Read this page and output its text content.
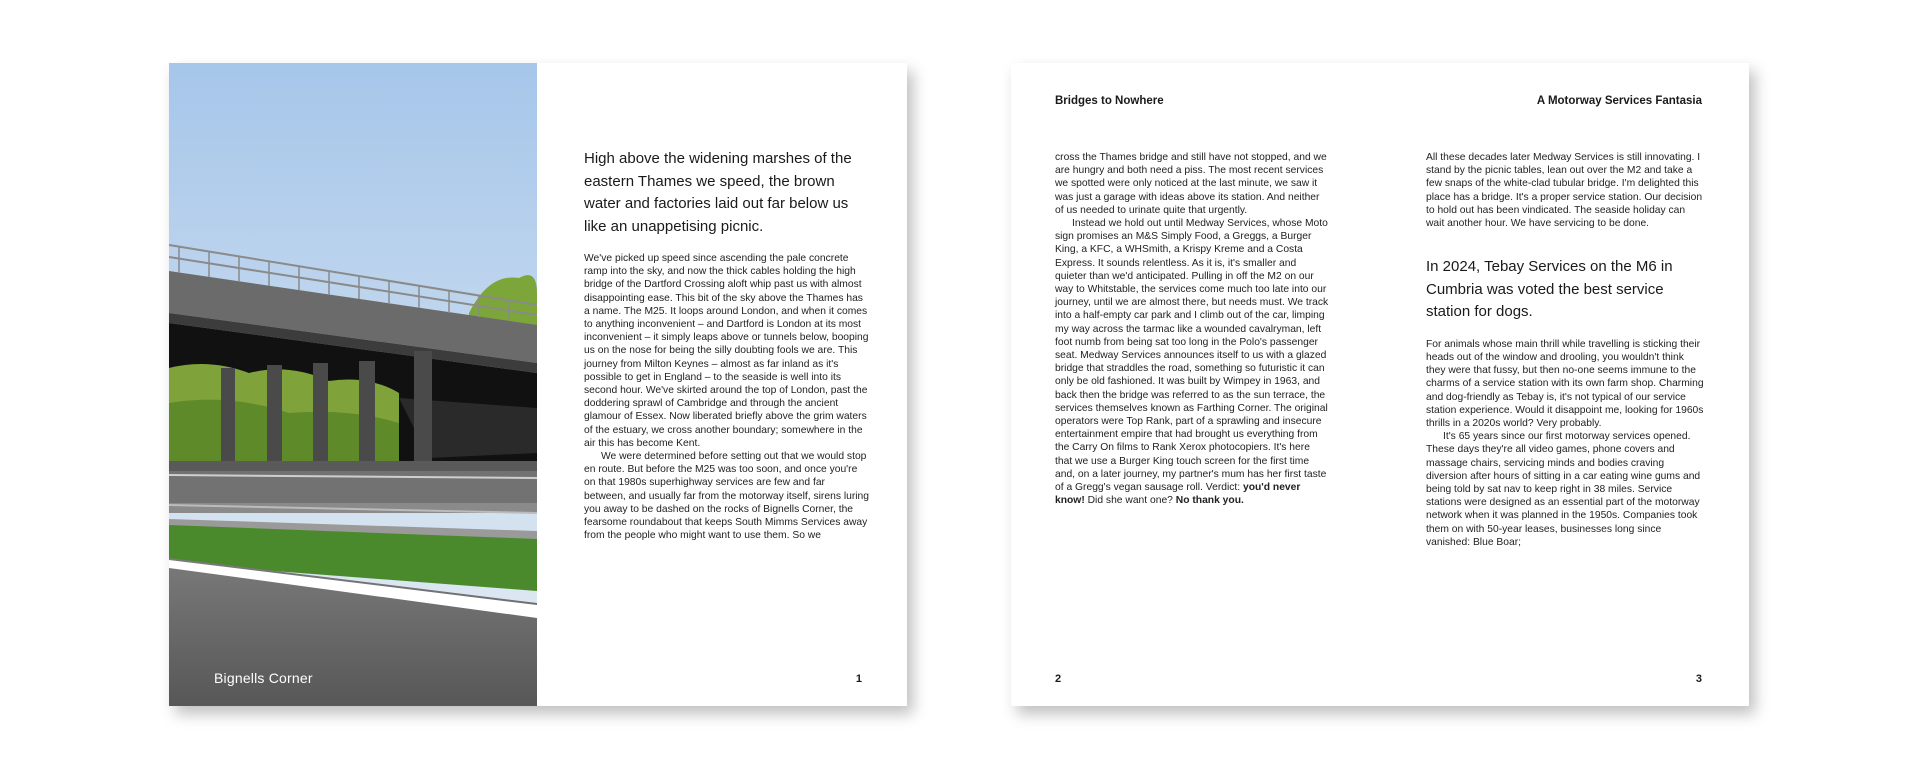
Bignells Corner
High above the widening marshes of the eastern Thames we speed, the brown water and factories laid out far below us like an unappetising picnic.

We've picked up speed since ascending the pale concrete ramp into the sky, and now the thick cables holding the high bridge of the Dartford Crossing aloft whip past us with almost disappointing ease. This bit of the sky above the Thames has a name. The M25. It loops around London, and when it comes to anything inconvenient – and Dartford is London at its most inconvenient – it simply leaps above or tunnels below, booping us on the nose for being the silly doubting fools we are. This journey from Milton Keynes – almost as far inland as it's possible to get in England – to the seaside is well into its second hour. We've skirted around the top of London, past the doddering sprawl of Cambridge and through the ancient glamour of Essex. Now liberated briefly above the grim waters of the estuary, we cross another boundary; somewhere in the air this has become Kent.

We were determined before setting out that we would stop en route. But before the M25 was too soon, and once you're on that 1980s superhighway services are few and far between, and usually far from the motorway itself, sirens luring you away to be dashed on the rocks of Bignells Corner, the fearsome roundabout that keeps South Mimms Services away from the people who might want to use them. So we

1
Bridges to Nowhere	A Motorway Services Fantasia

cross the Thames bridge and still have not stopped, and we are hungry and both need a piss. The most recent services we spotted were only noticed at the last minute, we saw it was just a garage with ideas above its station. And neither of us needed to urinate quite that urgently.

Instead we hold out until Medway Services, whose Moto sign promises an M&S Simply Food, a Greggs, a Burger King, a KFC, a WHSmith, a Krispy Kreme and a Costa Express. It sounds relentless. As it is, it's smaller and quieter than we'd anticipated. Pulling in off the M2 on our way to Whitstable, the services come much too late into our journey, until we are almost there, but needs must. We track into a half-empty car park and I climb out of the car, limping my way across the tarmac like a wounded cavalryman, left foot numb from being sat too long in the Polo's passenger seat. Medway Services announces itself to us with a glazed bridge that straddles the road, something so futuristic it can only be old fashioned. It was built by Wimpey in 1963, and back then the bridge was referred to as the sun terrace, the services themselves known as Farthing Corner. The original operators were Top Rank, part of a sprawling and insecure entertainment empire that had brought us everything from the Carry On films to Rank Xerox photocopiers. It's here that we use a Burger King touch screen for the first time and, on a later journey, my partner's mum has her first taste of a Gregg's vegan sausage roll. Verdict: you'd never know! Did she want one? No thank you.

All these decades later Medway Services is still innovating. I stand by the picnic tables, lean out over the M2 and take a few snaps of the white-clad tubular bridge. I'm delighted this place has a bridge. It's a proper service station. Our decision to hold out has been vindicated. The seaside holiday can wait another hour. We have servicing to be done.

In 2024, Tebay Services on the M6 in Cumbria was voted the best service station for dogs.

For animals whose main thrill while travelling is sticking their heads out of the window and drooling, you wouldn't think they were that fussy, but then no-one seems immune to the charms of a service station with its own farm shop. Charming and dog-friendly as Tebay is, it's not typical of our service station experience. Would it disappoint me, looking for 1960s thrills in a 2020s world? Very probably.

It's 65 years since our first motorway services opened. These days they're all video games, phone covers and massage chairs, servicing minds and bodies craving diversion after hours of sitting in a car eating wine gums and being told by sat nav to keep right in 38 miles. Service stations were designed as an essential part of the motorway network when it was planned in the 1950s. Companies took them on with 50-year leases, businesses long since vanished: Blue Boar;

2	3
